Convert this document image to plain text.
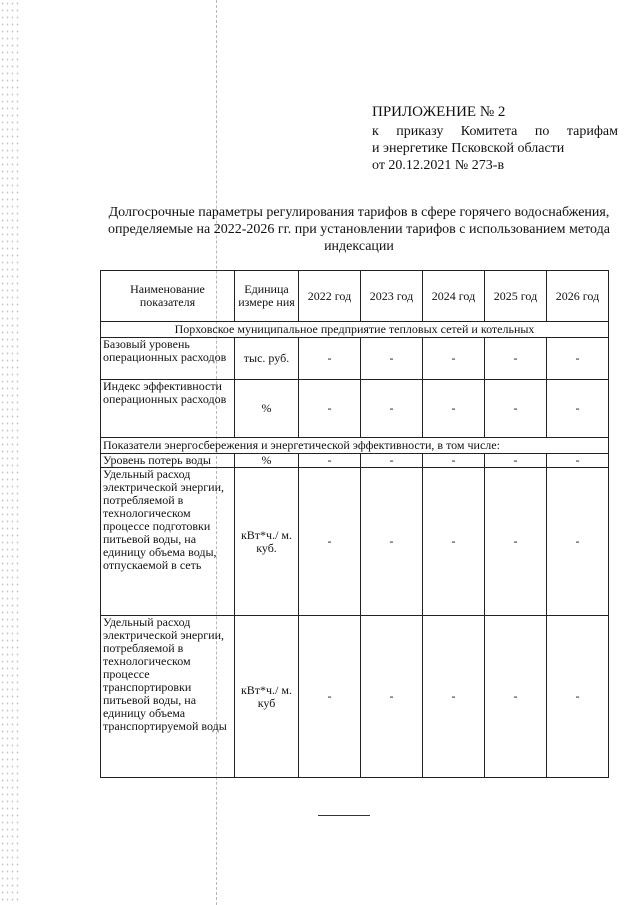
ПРИЛОЖЕНИЕ № 2
к приказу Комитета по тарифам
и энергетике Псковской области
от 20.12.2021 № 273-в
Долгосрочные параметры регулирования тарифов в сфере горячего водоснабжения, определяемые на 2022-2026 гг. при установлении тарифов с использованием метода индексации
Наименование показателя	Единица измере ния	2022 год	2023 год	2024 год	2025 год	2026 год
Порховское муниципальное предприятие тепловых сетей и котельных						
Базовый уровень операционных расходов	тыс. руб.	-	-	-	-	-
Индекс эффективности операционных расходов	%	-	-	-	-	-
Показатели энергосбережения и энергетической эффективности, в том числе:						
Уровень потерь воды	%	-	-	-	-	-
Удельный расход электрической энергии, потребляемой в технологическом процессе подготовки питьевой воды, на единицу объема воды, отпускаемой в сеть	кВт*ч./ м. куб.	-	-	-	-	-
Удельный расход электрической энергии, потребляемой в технологическом процессе транспортировки питьевой воды, на единицу объема транспортируемой воды	кВт*ч./ м. куб	-	-	-	-	-
